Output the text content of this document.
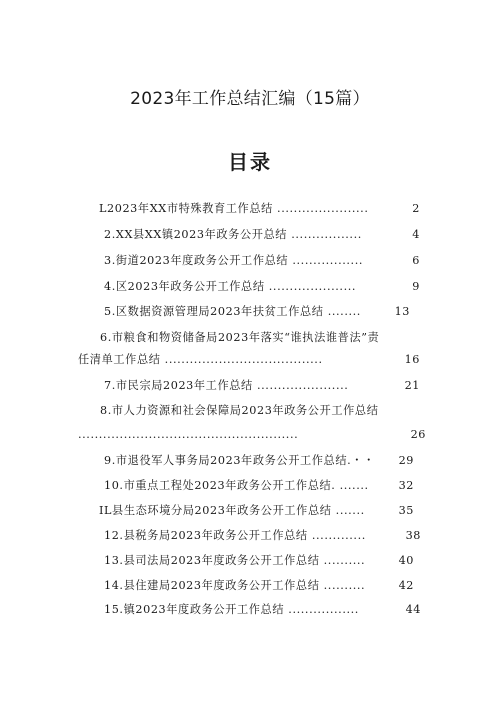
2023年工作总结汇编（15篇）
目录
L2023年XX市特殊教育工作总结 ......................	2
2.XX县XX镇2023年政务公开总结 .................	4
3.街道2023年度政务公开工作总结 .................	6
4.区2023年政务公开工作总结 .....................	9
5.区数据资源管理局2023年扶贫工作总结 ........	13
6.市粮食和物资储备局2023年落实“谁执法谁普法”责
任清单工作总结 ......................................	16
7.市民宗局2023年工作总结 ......................	21
8.市人力资源和社会保障局2023年政务公开工作总结
.....................................................	26
9.市退役军人事务局2023年政务公开工作总结.・・ 29
10.市重点工程处2023年政务公开工作总结. .......	32
IL县生态环境分局2023年政务公开工作总结 .......	35
12.县税务局2023年政务公开工作总结 .............	38
13.县司法局2023年度政务公开工作总结 ..........	40
14.县住建局2023年度政务公开工作总结 ..........	42
15.镇2023年度政务公开工作总结 .................	44
